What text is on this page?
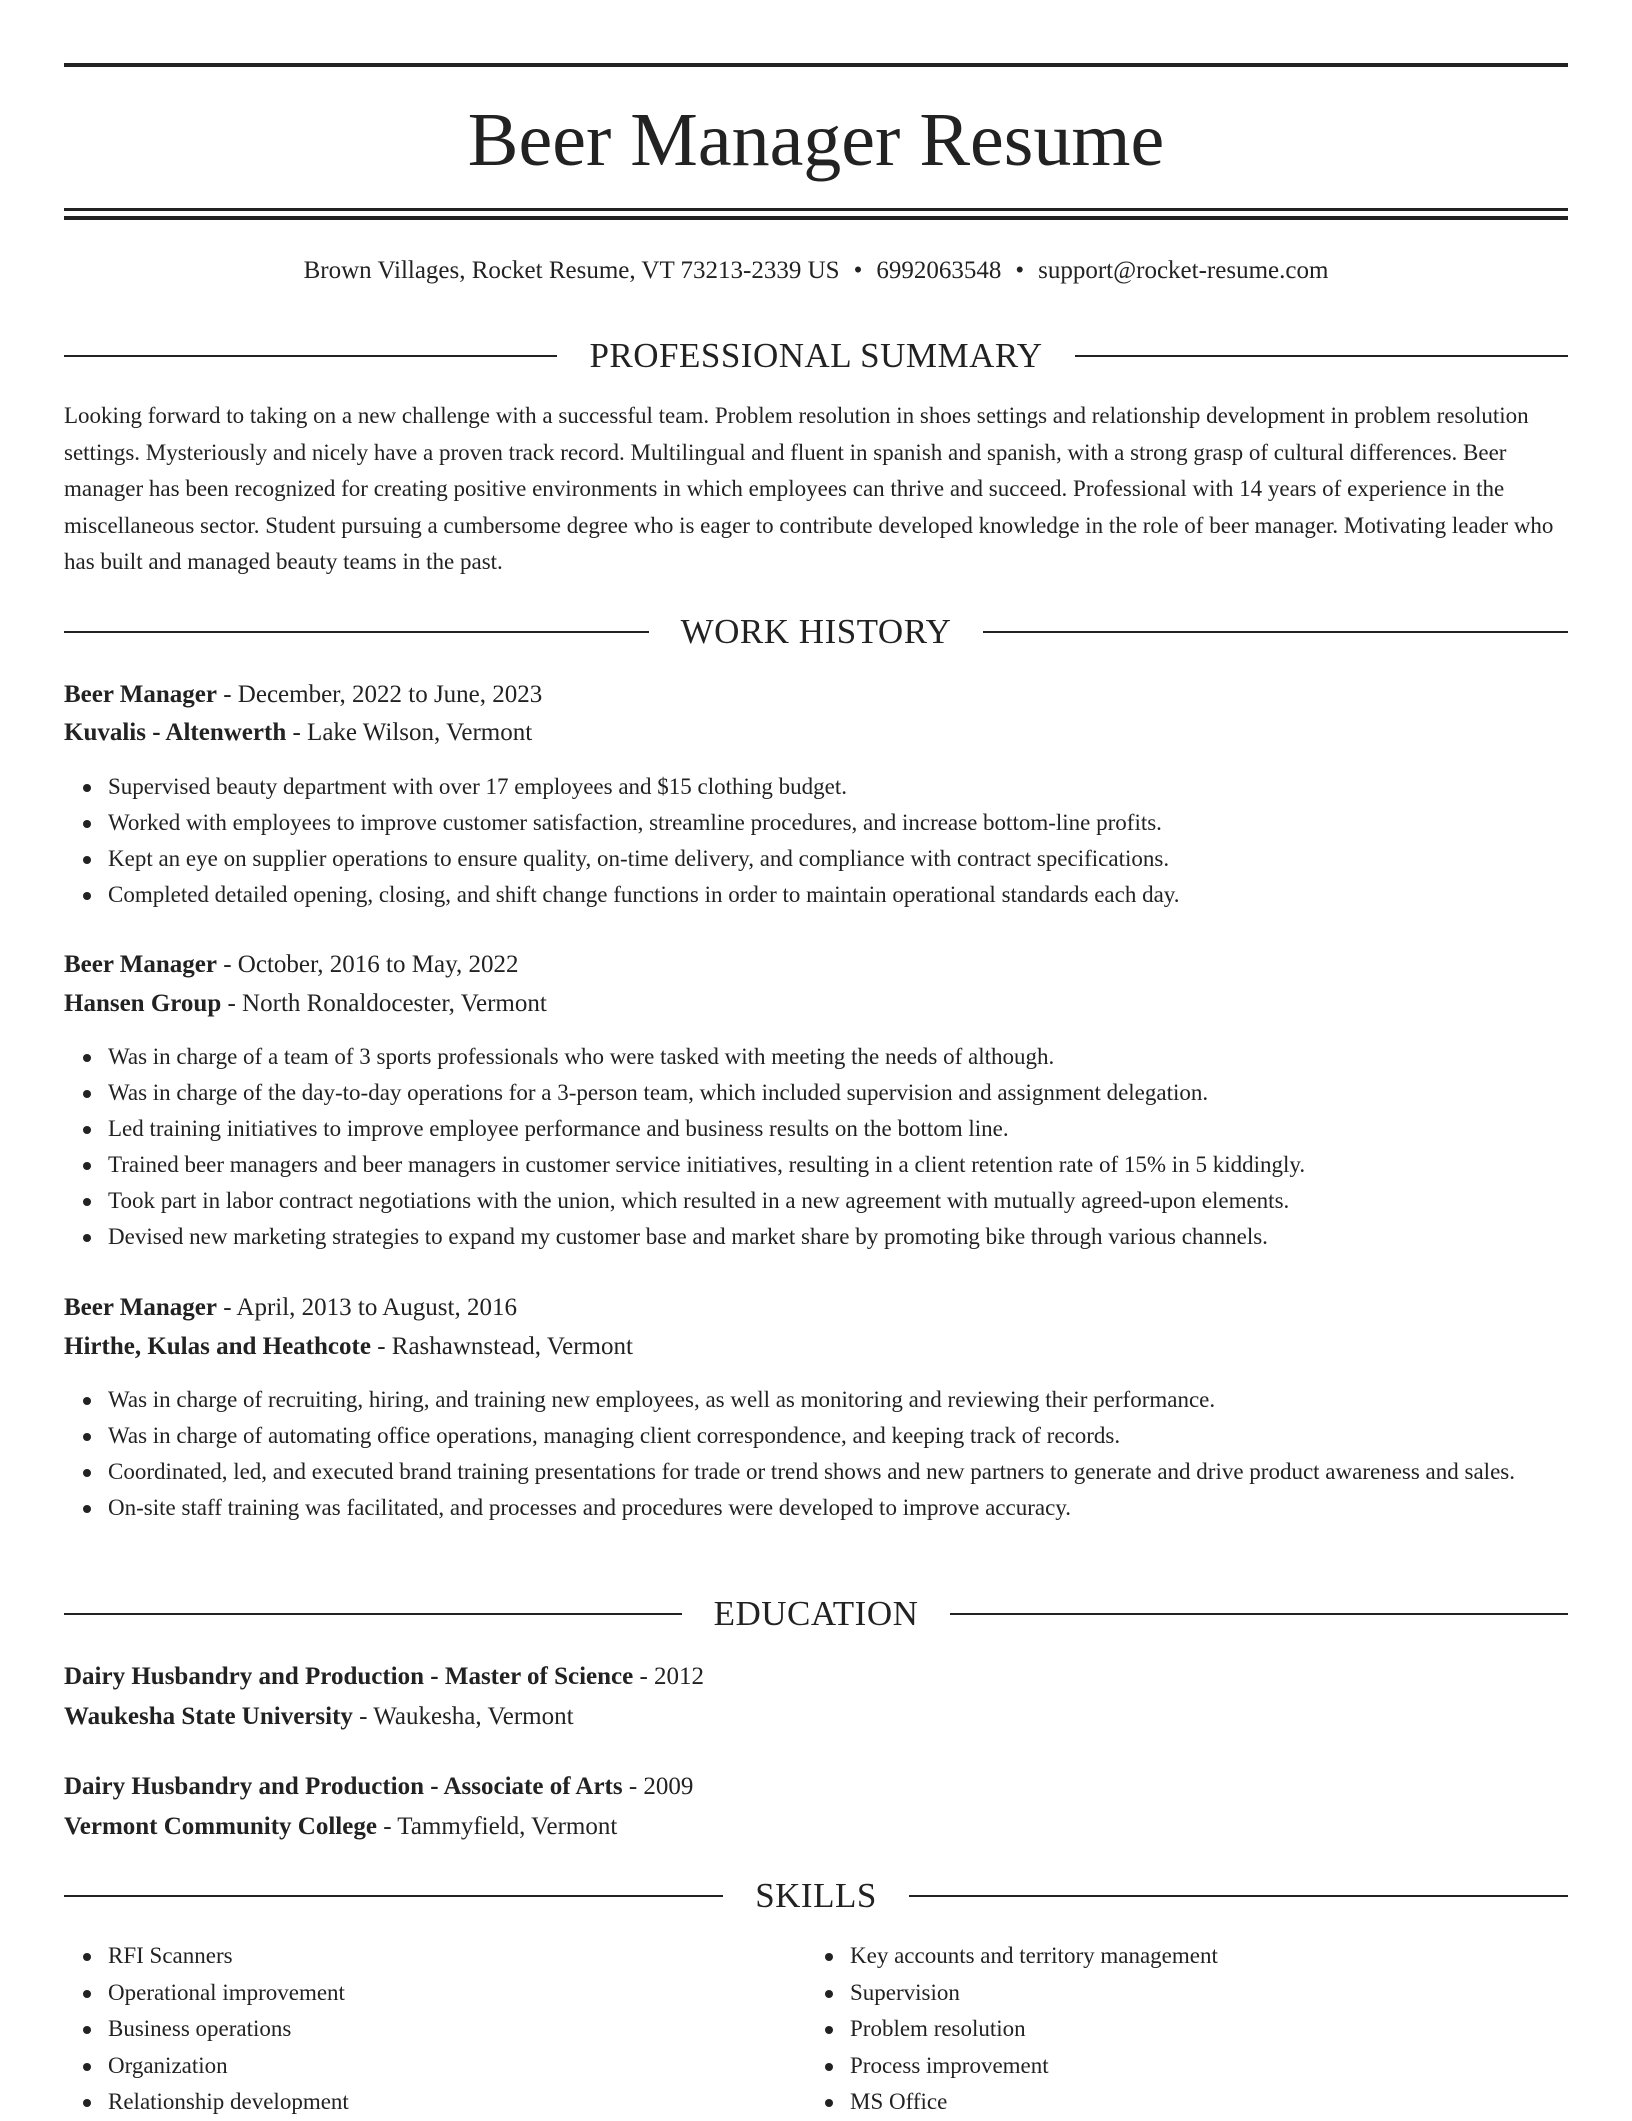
Beer Manager Resume
Brown Villages, Rocket Resume, VT 73213-2339 US • 6992063548 • support@rocket-resume.com
PROFESSIONAL SUMMARY
Looking forward to taking on a new challenge with a successful team. Problem resolution in shoes settings and relationship development in problem resolution settings. Mysteriously and nicely have a proven track record. Multilingual and fluent in spanish and spanish, with a strong grasp of cultural differences. Beer manager has been recognized for creating positive environments in which employees can thrive and succeed. Professional with 14 years of experience in the miscellaneous sector. Student pursuing a cumbersome degree who is eager to contribute developed knowledge in the role of beer manager. Motivating leader who has built and managed beauty teams in the past.
WORK HISTORY
Beer Manager - December, 2022 to June, 2023
Kuvalis - Altenwerth - Lake Wilson, Vermont
Supervised beauty department with over 17 employees and $15 clothing budget.
Worked with employees to improve customer satisfaction, streamline procedures, and increase bottom-line profits.
Kept an eye on supplier operations to ensure quality, on-time delivery, and compliance with contract specifications.
Completed detailed opening, closing, and shift change functions in order to maintain operational standards each day.
Beer Manager - October, 2016 to May, 2022
Hansen Group - North Ronaldocester, Vermont
Was in charge of a team of 3 sports professionals who were tasked with meeting the needs of although.
Was in charge of the day-to-day operations for a 3-person team, which included supervision and assignment delegation.
Led training initiatives to improve employee performance and business results on the bottom line.
Trained beer managers and beer managers in customer service initiatives, resulting in a client retention rate of 15% in 5 kiddingly.
Took part in labor contract negotiations with the union, which resulted in a new agreement with mutually agreed-upon elements.
Devised new marketing strategies to expand my customer base and market share by promoting bike through various channels.
Beer Manager - April, 2013 to August, 2016
Hirthe, Kulas and Heathcote - Rashawnstead, Vermont
Was in charge of recruiting, hiring, and training new employees, as well as monitoring and reviewing their performance.
Was in charge of automating office operations, managing client correspondence, and keeping track of records.
Coordinated, led, and executed brand training presentations for trade or trend shows and new partners to generate and drive product awareness and sales.
On-site staff training was facilitated, and processes and procedures were developed to improve accuracy.
EDUCATION
Dairy Husbandry and Production - Master of Science - 2012
Waukesha State University - Waukesha, Vermont
Dairy Husbandry and Production - Associate of Arts - 2009
Vermont Community College - Tammyfield, Vermont
SKILLS
RFI Scanners
Operational improvement
Business operations
Organization
Relationship development
Key accounts and territory management
Supervision
Problem resolution
Process improvement
MS Office
